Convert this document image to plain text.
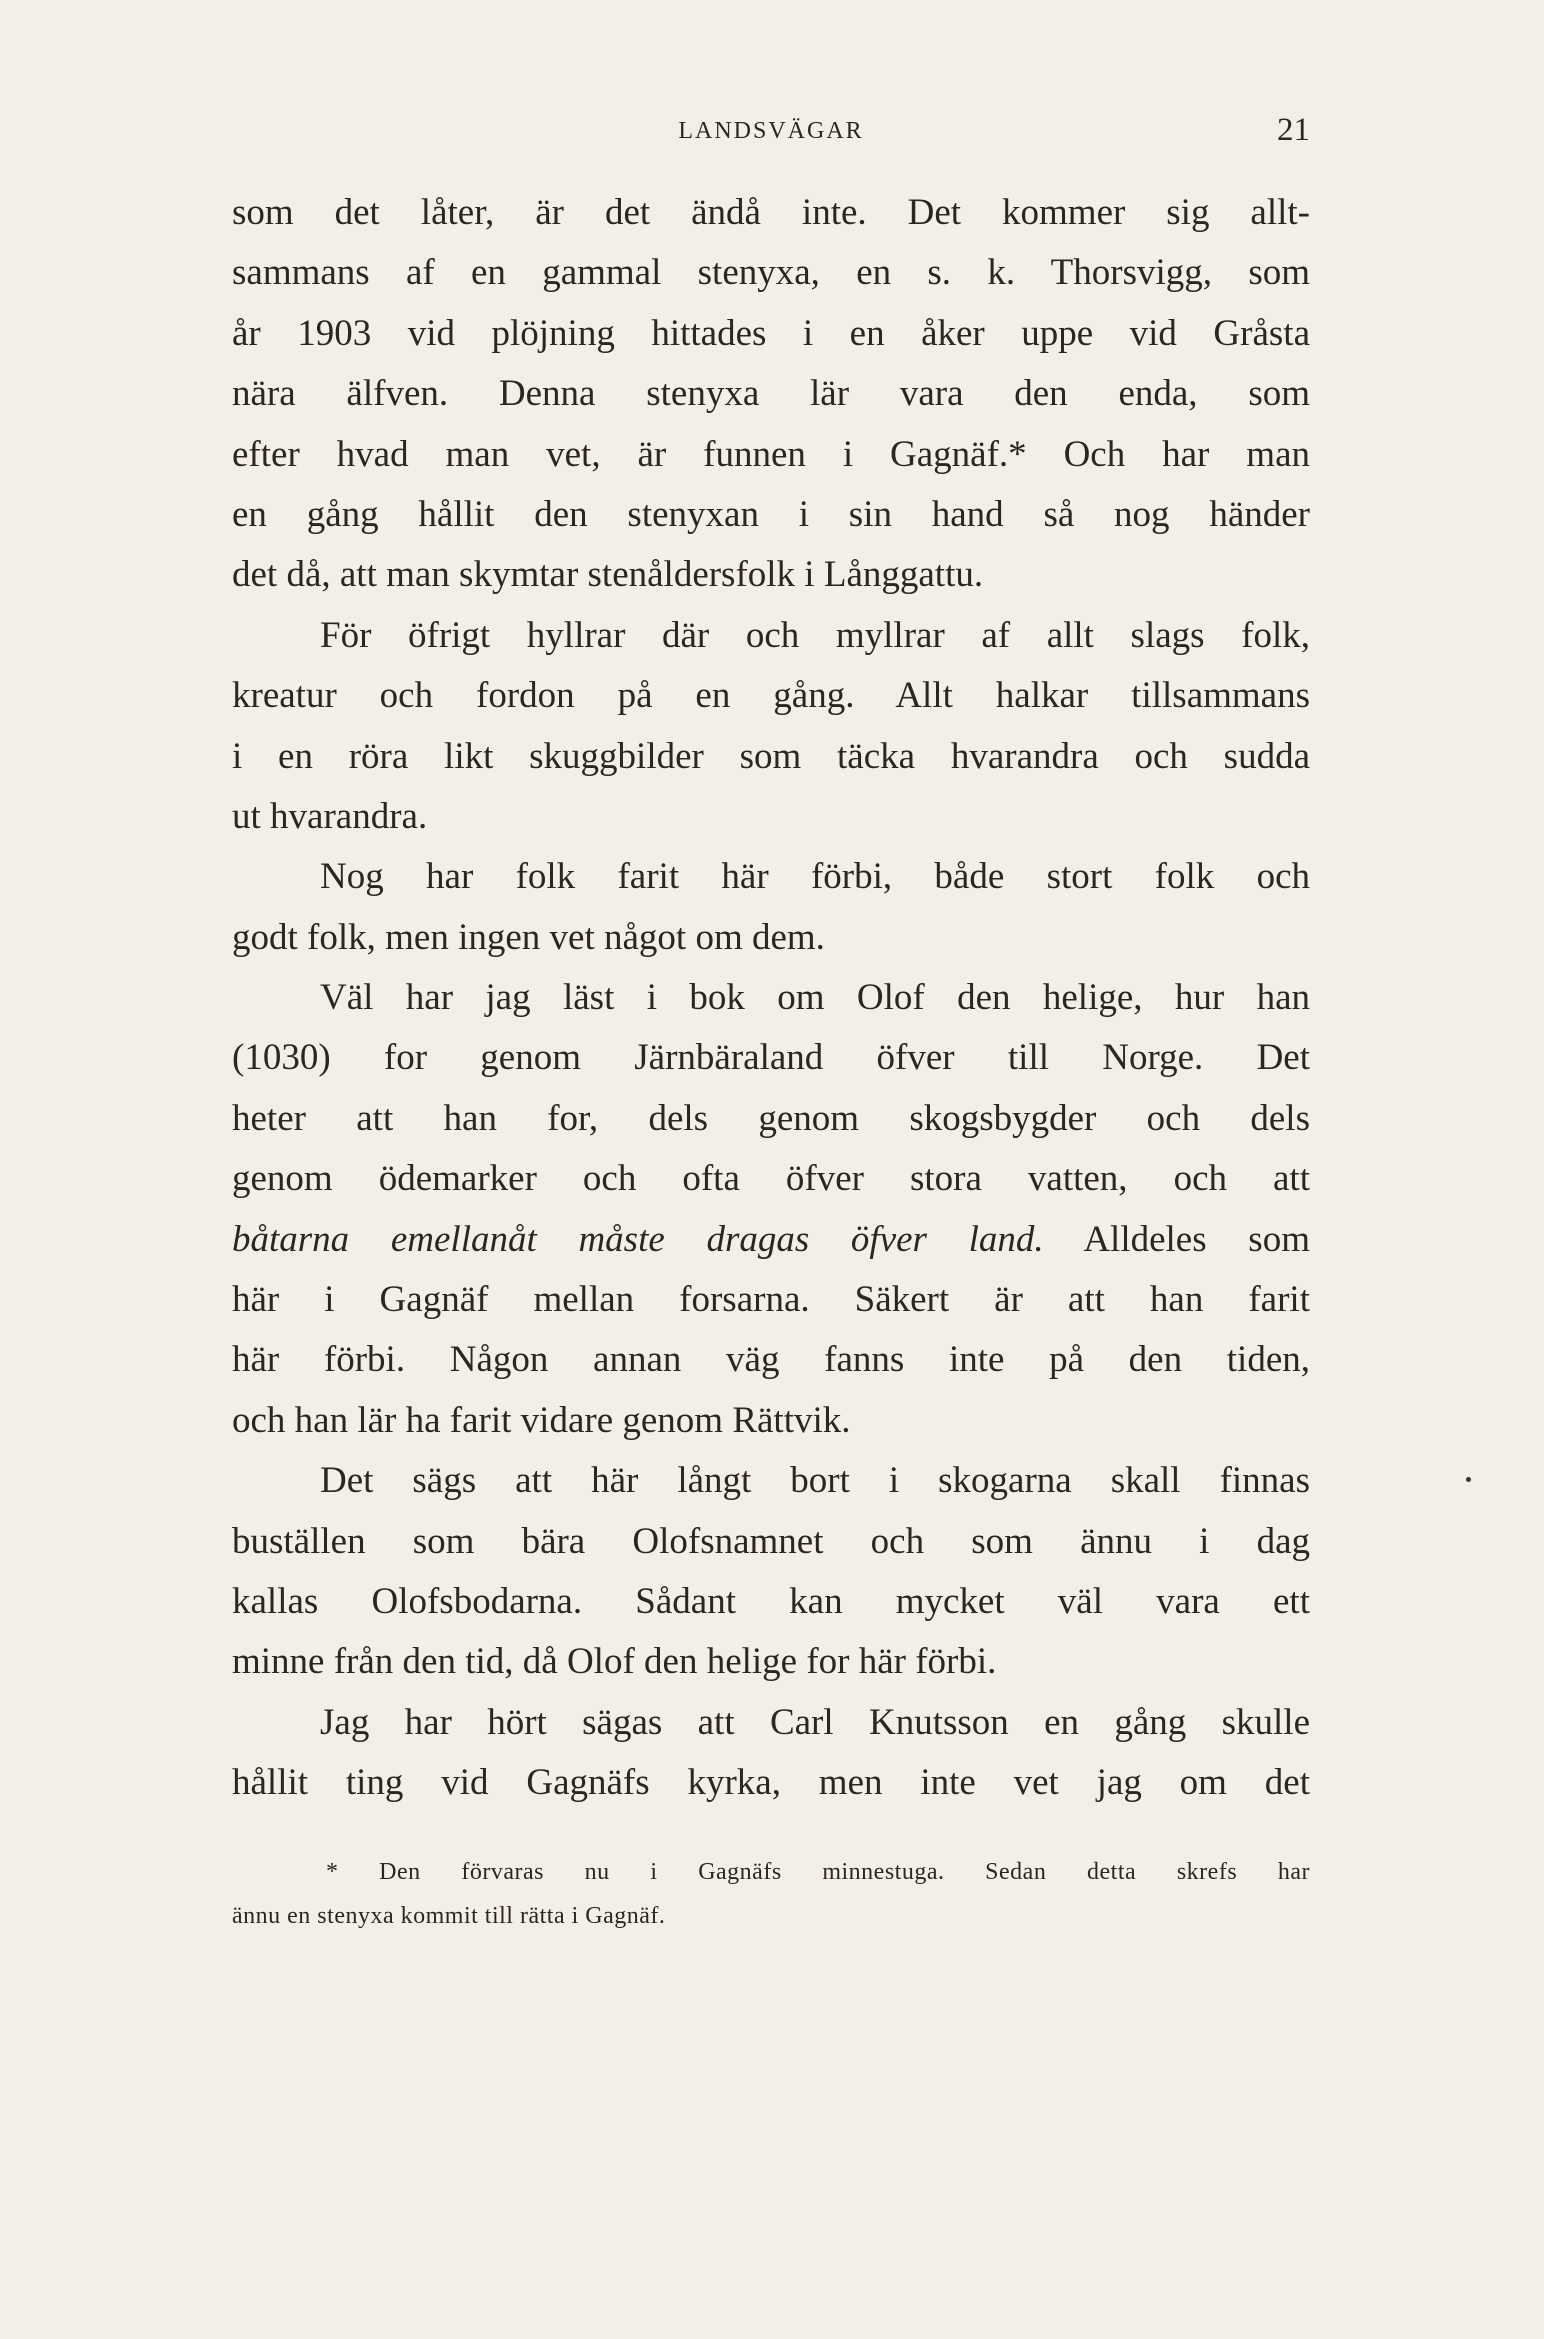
LANDSVÄGAR	21
som det låter, är det ändå inte. Det kommer sig allt-
sammans af en gammal stenyxa, en s. k. Thorsvigg, som
år 1903 vid plöjning hittades i en åker uppe vid Gråsta
nära älfven. Denna stenyxa lär vara den enda, som
efter hvad man vet, är funnen i Gagnäf.* Och har man
en gång hållit den stenyxan i sin hand så nog händer
det då, att man skymtar stenåldersfolk i Långgattu.
För öfrigt hyllrar där och myllrar af allt slags folk,
kreatur och fordon på en gång. Allt halkar tillsammans
i en röra likt skuggbilder som täcka hvarandra och sudda
ut hvarandra.
Nog har folk farit här förbi, både stort folk och
godt folk, men ingen vet något om dem.
Väl har jag läst i bok om Olof den helige, hur han
(1030) for genom Järnbäraland öfver till Norge. Det
heter att han for, dels genom skogsbygder och dels
genom ödemarker och ofta öfver stora vatten, och att
båtarna emellanåt måste dragas öfver land. Alldeles som
här i Gagnäf mellan forsarna. Säkert är att han farit
här förbi. Någon annan väg fanns inte på den tiden,
och han lär ha farit vidare genom Rättvik.
Det sägs att här långt bort i skogarna skall finnas
buställen som bära Olofsnamnet och som ännu i dag
kallas Olofsbodarna. Sådant kan mycket väl vara ett
minne från den tid, då Olof den helige for här förbi.
Jag har hört sägas att Carl Knutsson en gång skulle
hållit ting vid Gagnäfs kyrka, men inte vet jag om det
* Den förvaras nu i Gagnäfs minnestuga. Sedan detta skrefs har
ännu en stenyxa kommit till rätta i Gagnäf.
